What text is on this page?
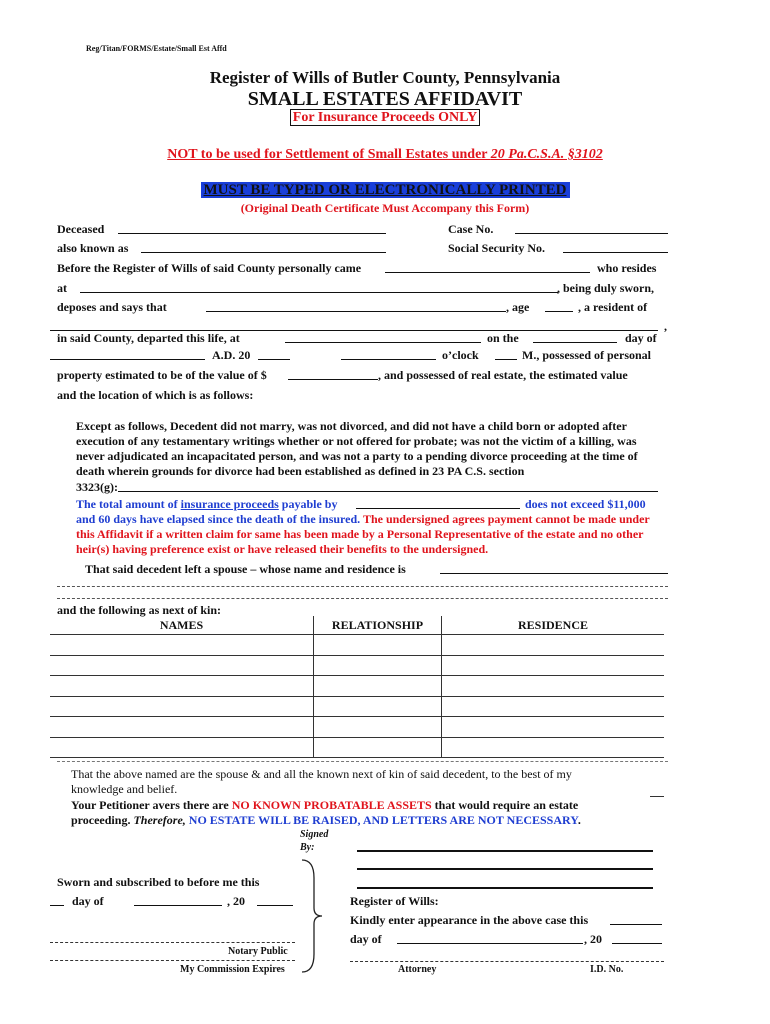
Reg/Titan/FORMS/Estate/Small Est Affd
Register of Wills of Butler County, Pennsylvania
SMALL ESTATES AFFIDAVIT
For Insurance Proceeds ONLY
NOT to be used for Settlement of Small Estates under 20 Pa.C.S.A. §3102
MUST BE TYPED OR ELECTRONICALLY PRINTED
(Original Death Certificate Must Accompany this Form)
Deceased	Case No.
also known as	Social Security No.
Before the Register of Wills of said County personally came	who resides
at	, being duly sworn,
deposes and says that	, age	, a resident of
,
in said County, departed this life, at	on the	day of
A.D. 20	o’clock	M., possessed of personal
property estimated to be of the value of $	, and possessed of real estate, the estimated value
and the location of which is as follows:
Except as follows, Decedent did not marry, was not divorced, and did not have a child born or adopted after execution of any testamentary writings whether or not offered for probate; was not the victim of a killing, was never adjudicated an incapacitated person, and was not a party to a pending divorce proceeding at the time of death wherein grounds for divorce had been established as defined in 23 PA C.S. section
3323(g):
The total amount of insurance proceeds payable by	does not exceed $11,000
and 60 days have elapsed since the death of the insured. The undersigned agrees payment cannot be made under this Affidavit if a written claim for same has been made by a Personal Representative of the estate and no other heir(s) having preference exist or have released their benefits to the undersigned.
That said decedent left a spouse – whose name and residence is
and the following as next of kin:
NAMES	RELATIONSHIP	RESIDENCE

That the above named are the spouse & and all the known next of kin of said decedent, to the best of my knowledge and belief.
Your Petitioner avers there are NO KNOWN PROBATABLE ASSETS that would require an estate
proceeding. Therefore, NO ESTATE WILL BE RAISED, AND LETTERS ARE NOT NECESSARY.
Signed
By:
Sworn and subscribed to before me this
day of	, 20
Notary Public
My Commission Expires
Register of Wills:
Kindly enter appearance in the above case this
day of	, 20
Attorney	I.D. No.
